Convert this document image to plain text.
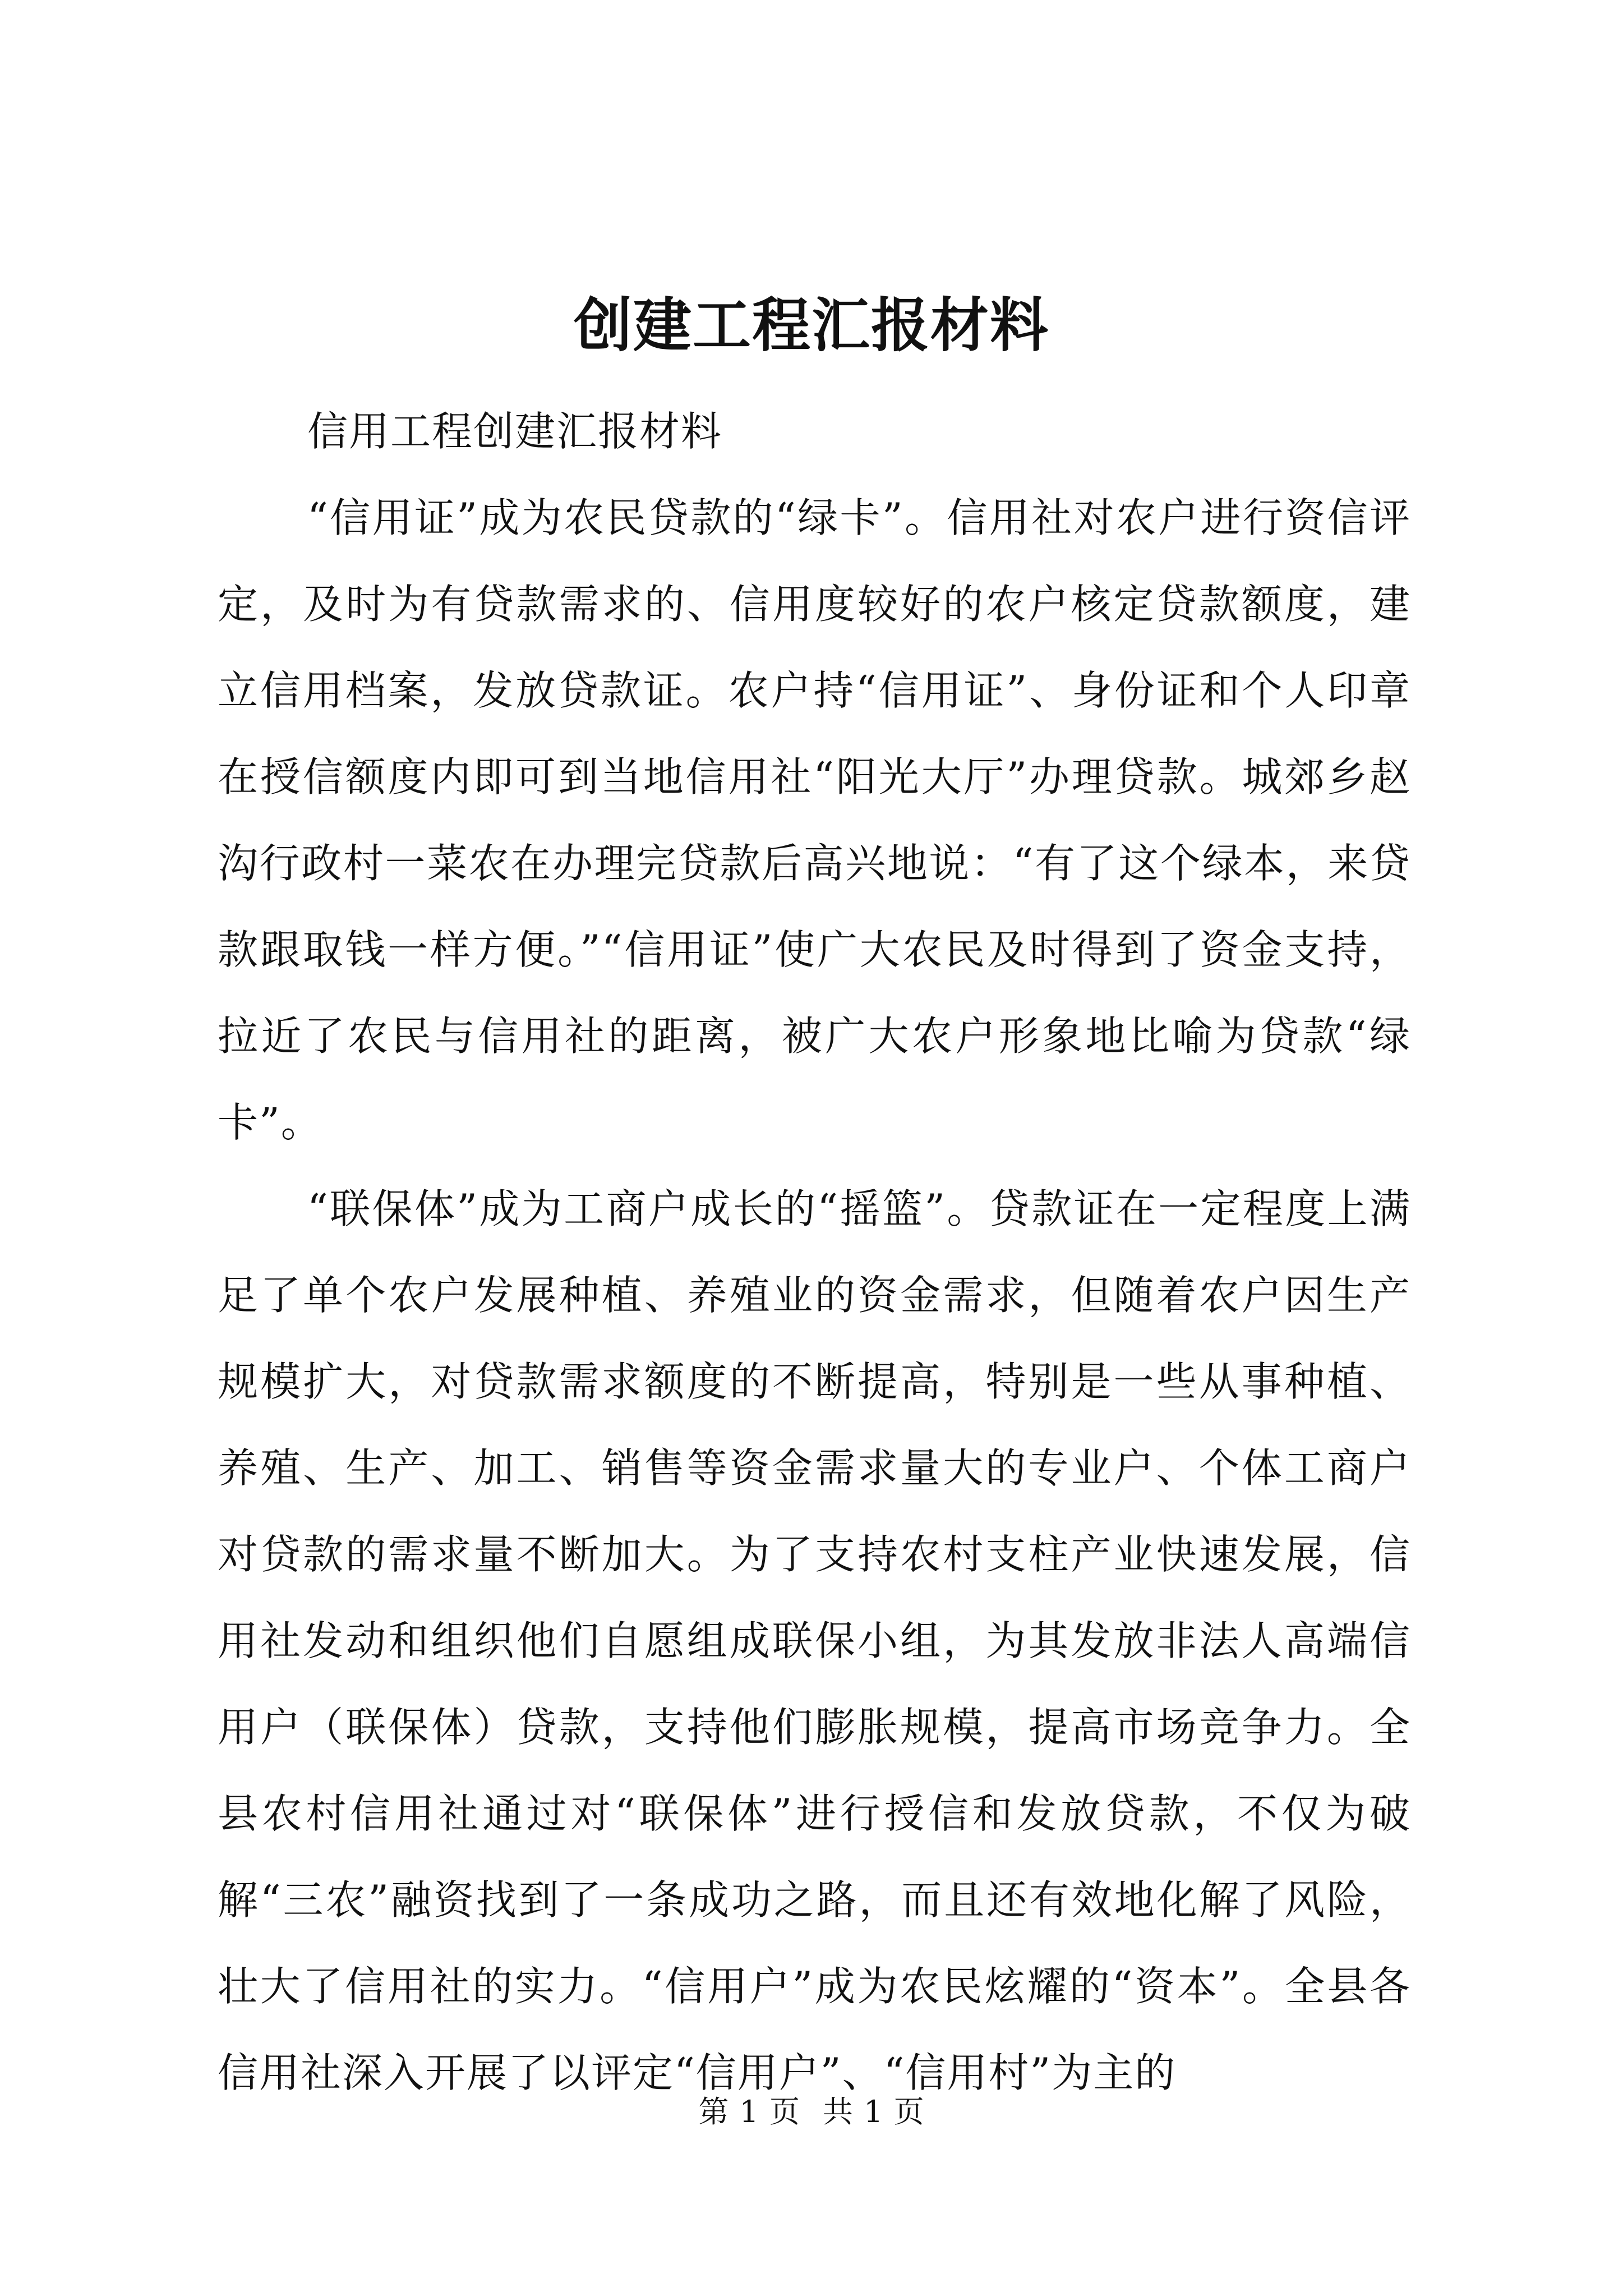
创建工程汇报材料

信用工程创建汇报材料

“信用证”成为农民贷款的“绿卡”。信用社对农户进行资信评定，及时为有贷款需求的、信用度较好的农户核定贷款额度，建立信用档案，发放贷款证。农户持“信用证”、身份证和个人印章在授信额度内即可到当地信用社“阳光大厅”办理贷款。城郊乡赵沟行政村一菜农在办理完贷款后高兴地说：“有了这个绿本，来贷款跟取钱一样方便。”“信用证”使广大农民及时得到了资金支持，拉近了农民与信用社的距离，被广大农户形象地比喻为贷款“绿卡”。

“联保体”成为工商户成长的“摇篮”。贷款证在一定程度上满足了单个农户发展种植、养殖业的资金需求，但随着农户因生产规模扩大，对贷款需求额度的不断提高，特别是一些从事种植、养殖、生产、加工、销售等资金需求量大的专业户、个体工商户对贷款的需求量不断加大。为了支持农村支柱产业快速发展，信用社发动和组织他们自愿组成联保小组，为其发放非法人高端信用户（联保体）贷款，支持他们膨胀规模，提高市场竞争力。全县农村信用社通过对“联保体”进行授信和发放贷款，不仅为破解“三农”融资找到了一条成功之路，而且还有效地化解了风险，壮大了信用社的实力。“信用户”成为农民炫耀的“资本”。全县各信用社深入开展了以评定“信用户”、“信用村”为主的

第 1 页 共 1 页
